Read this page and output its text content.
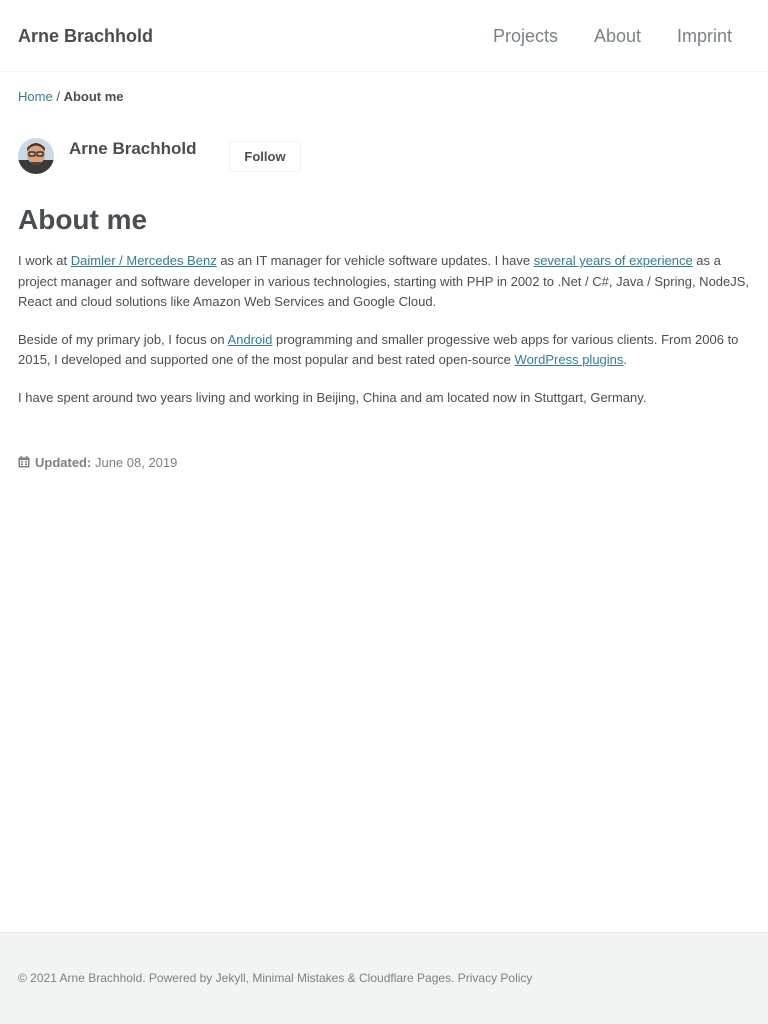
Arne Brachhold	Projects About Imprint
Home / About me
Arne Brachhold	Follow
About me

I work at Daimler / Mercedes Benz as an IT manager for vehicle software updates. I have several years of experience as a project manager and software developer in various technologies, starting with PHP in 2002 to .Net / C#, Java / Spring, NodeJS, React and cloud solutions like Amazon Web Services and Google Cloud.

Beside of my primary job, I focus on Android programming and smaller progessive web apps for various clients. From 2006 to 2015, I developed and supported one of the most popular and best rated open-source WordPress plugins.

I have spent around two years living and working in Beijing, China and am located now in Stuttgart, Germany.

Updated: June 08, 2019
© 2021 Arne Brachhold. Powered by Jekyll, Minimal Mistakes & Cloudflare Pages. Privacy Policy
